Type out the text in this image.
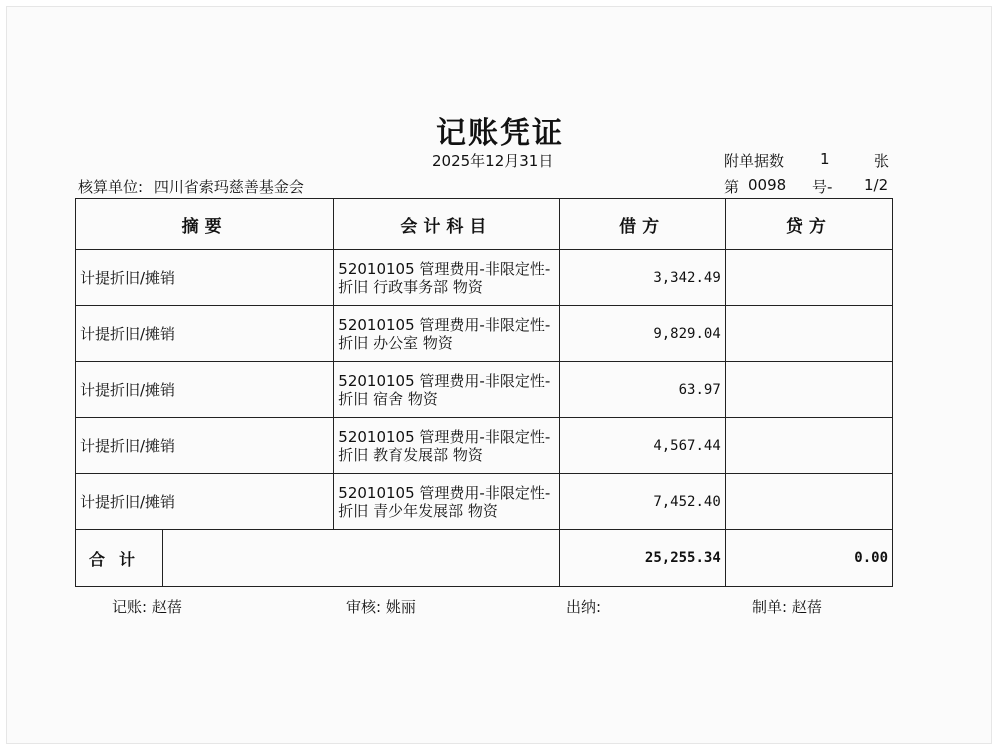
记账凭证
2025年12月31日
核算单位: 四川省索玛慈善基金会
附单据数 1	张
第 0098 号- 1/2
摘要		会计科目	借方	贷方
计提折旧/摊销		52010105 管理费用-非限定性-
折旧 行政事务部 物资	3,342.49	
计提折旧/摊销		52010105 管理费用-非限定性-
折旧 办公室 物资	9,829.04	
计提折旧/摊销		52010105 管理费用-非限定性-
折旧 宿舍 物资	63.97	
计提折旧/摊销		52010105 管理费用-非限定性-
折旧 教育发展部 物资	4,567.44	
计提折旧/摊销		52010105 管理费用-非限定性-
折旧 青少年发展部 物资	7,452.40	
合计			25,255.34	0.00
记账: 赵蓓	审核: 姚丽	出纳:	制单: 赵蓓
